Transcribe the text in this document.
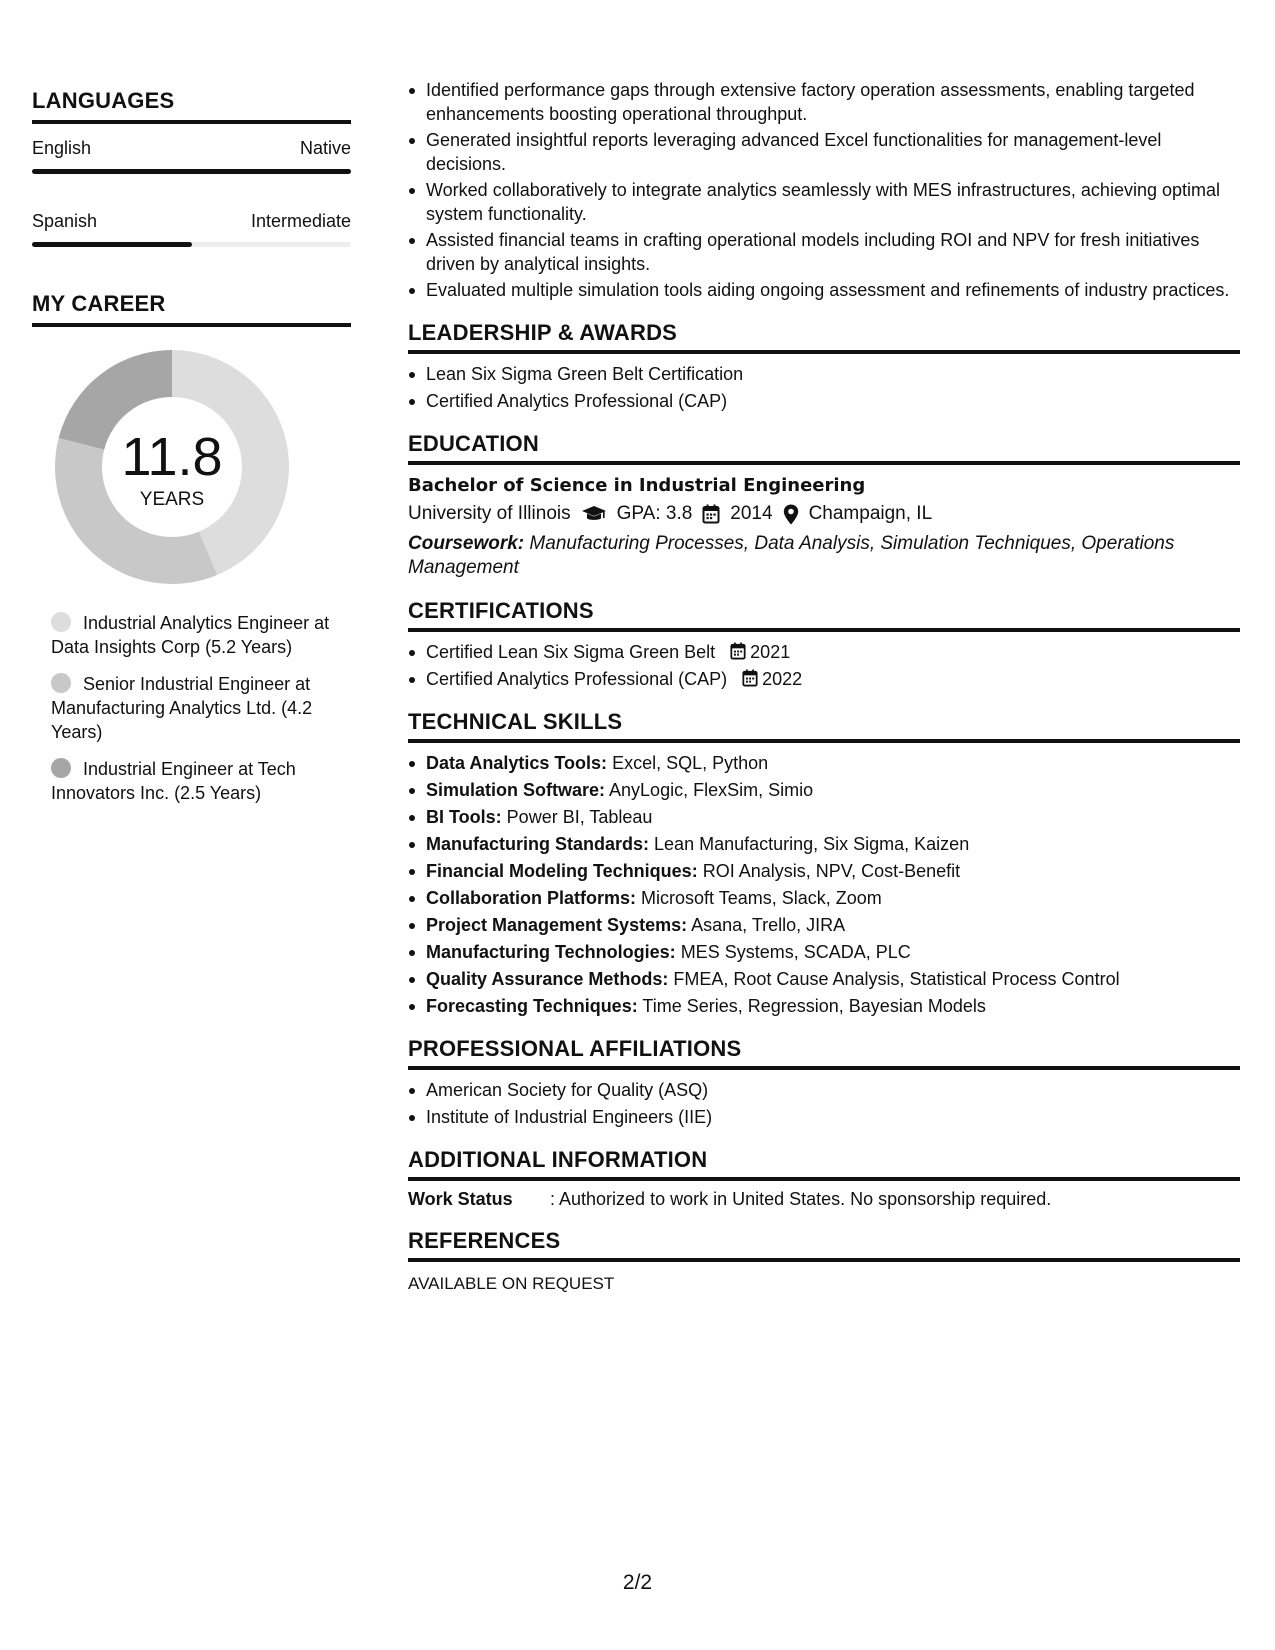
LANGUAGES
English	Native
Spanish	Intermediate
MY CAREER
11.8
YEARS
Industrial Analytics Engineer at Data Insights Corp (5.2 Years)
Senior Industrial Engineer at Manufacturing Analytics Ltd. (4.2 Years)
Industrial Engineer at Tech Innovators Inc. (2.5 Years)
Identified performance gaps through extensive factory operation assessments, enabling targeted enhancements boosting operational throughput.
Generated insightful reports leveraging advanced Excel functionalities for management-level decisions.
Worked collaboratively to integrate analytics seamlessly with MES infrastructures, achieving optimal system functionality.
Assisted financial teams in crafting operational models including ROI and NPV for fresh initiatives driven by analytical insights.
Evaluated multiple simulation tools aiding ongoing assessment and refinements of industry practices.
LEADERSHIP & AWARDS
Lean Six Sigma Green Belt Certification
Certified Analytics Professional (CAP)
EDUCATION
Bachelor of Science in Industrial Engineering
University of Illinois GPA: 3.8 2014 Champaign, IL
Coursework: Manufacturing Processes, Data Analysis, Simulation Techniques, Operations Management
CERTIFICATIONS
Certified Lean Six Sigma Green Belt 2021
Certified Analytics Professional (CAP) 2022
TECHNICAL SKILLS
Data Analytics Tools: Excel, SQL, Python
Simulation Software: AnyLogic, FlexSim, Simio
BI Tools: Power BI, Tableau
Manufacturing Standards: Lean Manufacturing, Six Sigma, Kaizen
Financial Modeling Techniques: ROI Analysis, NPV, Cost-Benefit
Collaboration Platforms: Microsoft Teams, Slack, Zoom
Project Management Systems: Asana, Trello, JIRA
Manufacturing Technologies: MES Systems, SCADA, PLC
Quality Assurance Methods: FMEA, Root Cause Analysis, Statistical Process Control
Forecasting Techniques: Time Series, Regression, Bayesian Models
PROFESSIONAL AFFILIATIONS
American Society for Quality (ASQ)
Institute of Industrial Engineers (IIE)
ADDITIONAL INFORMATION
Work Status	: Authorized to work in United States. No sponsorship required.
REFERENCES
AVAILABLE ON REQUEST
2/2
